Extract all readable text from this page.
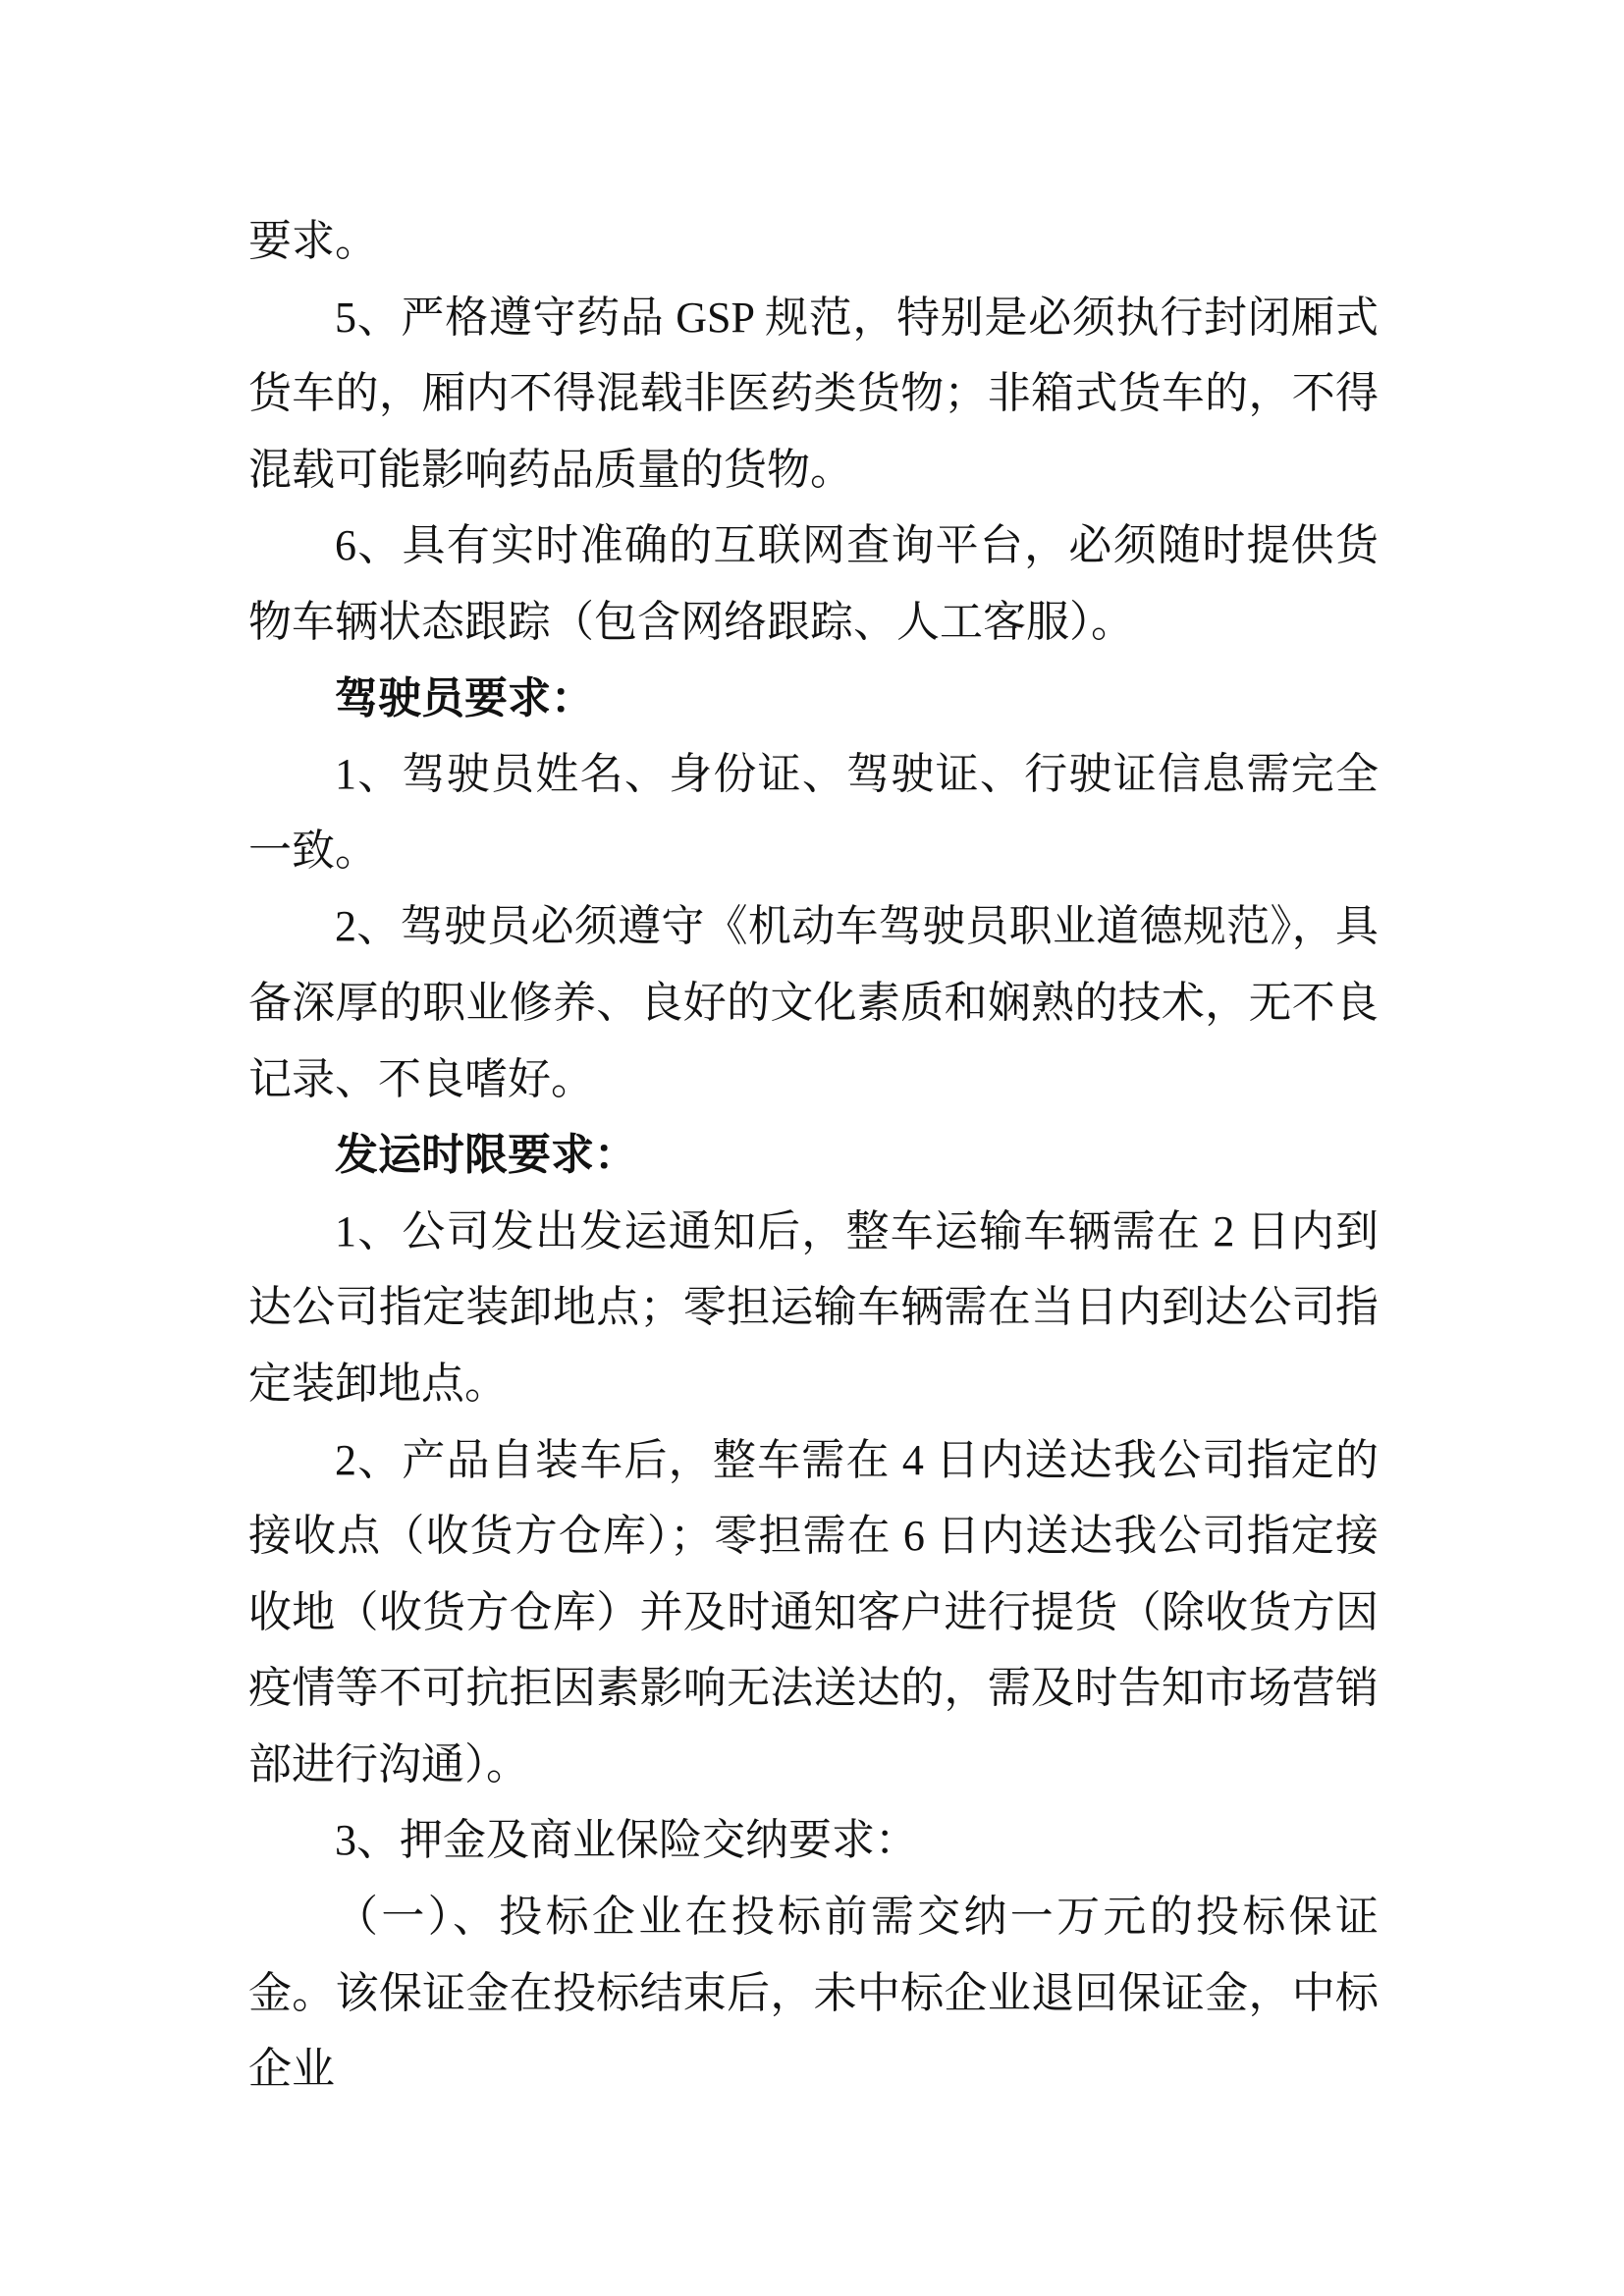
要求。

5、严格遵守药品 GSP 规范，特别是必须执行封闭厢式货车的，厢内不得混载非医药类货物；非箱式货车的，不得混载可能影响药品质量的货物。

6、具有实时准确的互联网查询平台，必须随时提供货物车辆状态跟踪（包含网络跟踪、人工客服）。

驾驶员要求：

1、驾驶员姓名、身份证、驾驶证、行驶证信息需完全一致。

2、驾驶员必须遵守《机动车驾驶员职业道德规范》，具备深厚的职业修养、良好的文化素质和娴熟的技术，无不良记录、不良嗜好。

发运时限要求：

1、公司发出发运通知后，整车运输车辆需在 2 日内到达公司指定装卸地点；零担运输车辆需在当日内到达公司指定装卸地点。

2、产品自装车后，整车需在 4 日内送达我公司指定的接收点（收货方仓库）；零担需在 6 日内送达我公司指定接收地（收货方仓库）并及时通知客户进行提货（除收货方因疫情等不可抗拒因素影响无法送达的，需及时告知市场营销部进行沟通）。

3、押金及商业保险交纳要求：

（一）、投标企业在投标前需交纳一万元的投标保证金。该保证金在投标结束后，未中标企业退回保证金，中标企业
